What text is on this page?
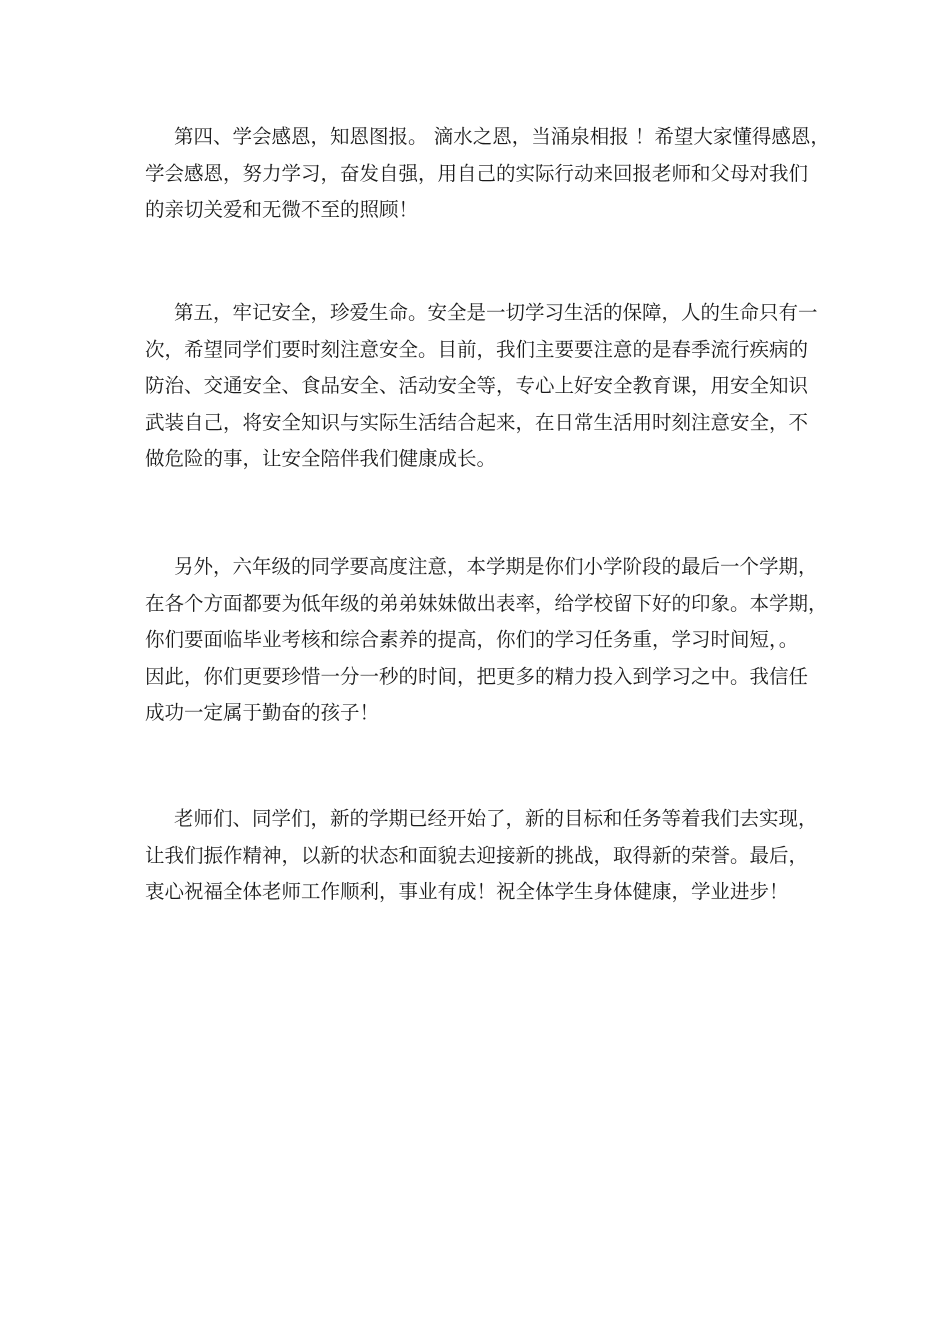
第四、学会感恩，知恩图报。 滴水之恩，当涌泉相报 ！希望大家懂得感恩，
学会感恩，努力学习，奋发自强，用自己的实际行动来回报老师和父母对我们
的亲切关爱和无微不至的照顾！
第五，牢记安全，珍爱生命。安全是一切学习生活的保障，人的生命只有一
次，希望同学们要时刻注意安全。目前，我们主要要注意的是春季流行疾病的
防治、交通安全、食品安全、活动安全等，专心上好安全教育课，用安全知识
武装自己，将安全知识与实际生活结合起来，在日常生活用时刻注意安全，不
做危险的事，让安全陪伴我们健康成长。
另外，六年级的同学要高度注意，本学期是你们小学阶段的最后一个学期，
在各个方面都要为低年级的弟弟妹妹做出表率，给学校留下好的印象。本学期，
你们要面临毕业考核和综合素养的提高，你们的学习任务重，学习时间短，。
因此，你们更要珍惜一分一秒的时间，把更多的精力投入到学习之中。我信任
成功一定属于勤奋的孩子！
老师们、同学们，新的学期已经开始了，新的目标和任务等着我们去实现，
让我们振作精神，以新的状态和面貌去迎接新的挑战，取得新的荣誉。最后，
衷心祝福全体老师工作顺利，事业有成！祝全体学生身体健康，学业进步！
